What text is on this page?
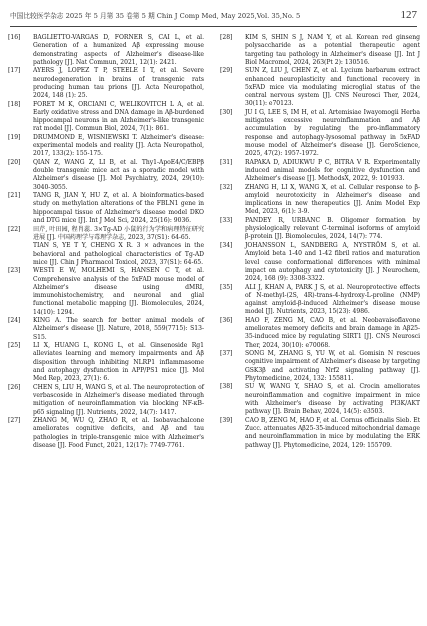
中国比较医学杂志 2025 年 5 月第 35 卷第 5 期 Chin J Comp Med, May 2025,Vol. 35,No. 5	127
[16]	BAGLIETTO-VARGAS D, FORNER S, CAI L, et al. Generation of a humanized Aβ expressing mouse demonstrating aspects of Alzheimer's disease-like pathology [J]. Nat Commun, 2021, 12(1): 2421.
[17]	AYERS J, LOPEZ T P, STEELE I T, et al. Severe neurodegeneration in brains of transgenic rats producing human tau prions [J]. Acta Neuropathol, 2024, 148 (1): 25.
[18]	FORET M K, ORCIANI C, WELIKOVITCH L A, et al. Early oxidative stress and DNA damage in Aβ-burdened hippocampal neurons in an Alzheimer's-like transgenic rat model [J]. Commun Biol, 2024, 7(1): 861.
[19]	DRUMMOND E, WISNIEWSKI T. Alzheimer's disease: experimental models and reality [J]. Acta Neuropathol, 2017, 133(2): 155-175.
[20]	QIAN Z, WANG Z, LI B, et al. Thy1-ApoE4/C/EBPβ double transgenic mice act as a sporadic model with Alzheimer's disease [J]. Mol Psychiatry, 2024, 29(10): 3040-3055.
[21]	TANG R, JIAN Y, HU Z, et al. A bioinformatics-based study on methylation alterations of the FBLN1 gene in hippocampal tissue of Alzheimer's disease model DKO and DTG mice [J]. Int J Mol Sci, 2024, 25(16): 9036.
[22]	田芹, 叶田园, 程肖蕊. 3×Tg-AD 小鼠的行为学和病理特征研究进展 [J]. 中国药理学与毒理学杂志, 2023, 37(S1): 64-65.
TIAN S, YE T Y, CHENG X R. 3 × advances in the behavioral and pathological characteristics of Tg-AD mice [J]. Chin J Pharmacol Toxicol, 2023, 37(S1): 64-65.
[23]	WESTI E W, MOLHEMI S, HANSEN C T, et al. Comprehensive analysis of the 5xFAD mouse model of Alzheimer's disease using dMRI, immunohistochemistry, and neuronal and glial functional metabolic mapping [J]. Biomolecules, 2024, 14(10): 1294.
[24]	KING A. The search for better animal models of Alzheimer's disease [J]. Nature, 2018, 559(7715): S13-S15.
[25]	LI X, HUANG L, KONG L, et al. Ginsenoside Rg1 alleviates learning and memory impairments and Aβ disposition through inhibiting NLRP1 inflammasome and autophagy dysfunction in APP/PS1 mice [J]. Mol Med Rep, 2023, 27(1): 6.
[26]	CHEN S, LIU H, WANG S, et al. The neuroprotection of verbascoside in Alzheimer's disease mediated through mitigation of neuroinflammation via blocking NF-κB-p65 signaling [J]. Nutrients, 2022, 14(7): 1417.
[27]	ZHANG M, WU Q, ZHAO R, et al. Isobavachalcone ameliorates cognitive deficits, and Aβ and tau pathologies in triple-transgenic mice with Alzheimer's disease [J]. Food Funct, 2021, 12(17): 7749-7761.
[28]	KIM S, SHIN S J, NAM Y, et al. Korean red ginseng polysaccharide as a potential therapeutic agent targeting tau pathology in Alzheimer's disease [J]. Int J Biol Macromol, 2024, 263(Pt 2): 130516.
[29]	SUN Z, LIU J, CHEN Z, et al. Lycium barbarum extract enhanced neuroplasticity and functional recovery in 5xFAD mice via modulating microglial status of the central nervous system [J]. CNS Neurosci Ther, 2024, 30(11): e70123.
[30]	JU I G, LEE S, IM H, et al. Artemisiae Iwayomogii Herba mitigates excessive neuroinflammation and Aβ accumulation by regulating the pro-inflammatory response and autophagy-lysosomal pathway in 5xFAD mouse model of Alzheimer's disease [J]. GeroScience, 2025, 47(2): 1957-1972.
[31]	RAPAKA D, ADIUKWU P C, BITRA V R. Experimentally induced animal models for cognitive dysfunction and Alzheimer's disease [J]. MethodsX, 2022, 9: 101933.
[32]	ZHANG H, LI X, WANG X, et al. Cellular response to β-amyloid neurotoxicity in Alzheimer's disease and implications in new therapeutics [J]. Anim Model Exp Med, 2023, 6(1): 3-9.
[33]	PANDEY R, URBANC B. Oligomer formation by physiologically relevant C-terminal isoforms of amyloid β-protein [J]. Biomolecules, 2024, 14(7): 774.
[34]	JOHANSSON L, SANDBERG A, NYSTRÖM S, et al. Amyloid beta 1-40 and 1-42 fibril ratios and maturation level cause conformational differences with minimal impact on autophagy and cytotoxicity [J]. J Neurochem, 2024, 168 (9): 3308-3322.
[35]	ALI J, KHAN A, PARK J S, et al. Neuroprotective effects of N-methyl-(2S, 4R)-trans-4-hydroxy-L-proline (NMP) against amyloid-β-induced Alzheimer's disease mouse model [J]. Nutrients, 2023, 15(23): 4986.
[36]	HAO F, ZENG M, CAO B, et al. Neobavaisoflavone ameliorates memory deficits and brain damage in Aβ25-35-induced mice by regulating SIRT1 [J]. CNS Neurosci Ther, 2024, 30(10): e70068.
[37]	SONG M, ZHANG S, YU W, et al. Gomisin N rescues cognitive impairment of Alzheimer's disease by targeting GSK3β and activating Nrf2 signaling pathway [J]. Phytomedicine, 2024, 132: 155811.
[38]	SU W, WANG Y, SHAO S, et al. Crocin ameliorates neuroinflammation and cognitive impairment in mice with Alzheimer's disease by activating PI3K/AKT pathway [J]. Brain Behav, 2024, 14(5): e3503.
[39]	CAO B, ZENG M, HAO F, et al. Cornus officinalis Sieb. Et Zucc. attenuates Aβ25-35-induced mitochondrial damage and neuroinflammation in mice by modulating the ERK pathway [J]. Phytomedicine, 2024, 129: 155709.
